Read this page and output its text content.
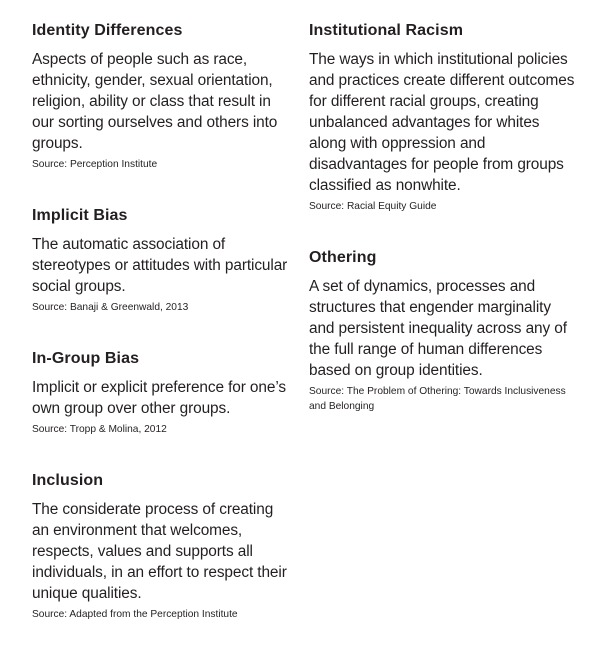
Identity Differences

Aspects of people such as race, ethnicity, gender, sexual orientation, religion, ability or class that result in our sorting ourselves and others into groups.

Source: Perception Institute

Implicit Bias

The automatic association of stereotypes or attitudes with particular social groups.

Source: Banaji & Greenwald, 2013

In-Group Bias

Implicit or explicit preference for one’s own group over other groups.

Source: Tropp & Molina, 2012

Inclusion

The considerate process of creating an environment that welcomes, respects, values and supports all individuals, in an effort to respect their unique qualities.

Source: Adapted from the Perception Institute

Institutional Racism

The ways in which institutional policies and practices create different outcomes for different racial groups, creating unbalanced advantages for whites along with oppression and disadvantages for people from groups classified as nonwhite.

Source: Racial Equity Guide

Othering

A set of dynamics, processes and structures that engender marginality and persistent inequality across any of the full range of human differences based on group identities.

Source: The Problem of Othering: Towards Inclusiveness and Belonging
